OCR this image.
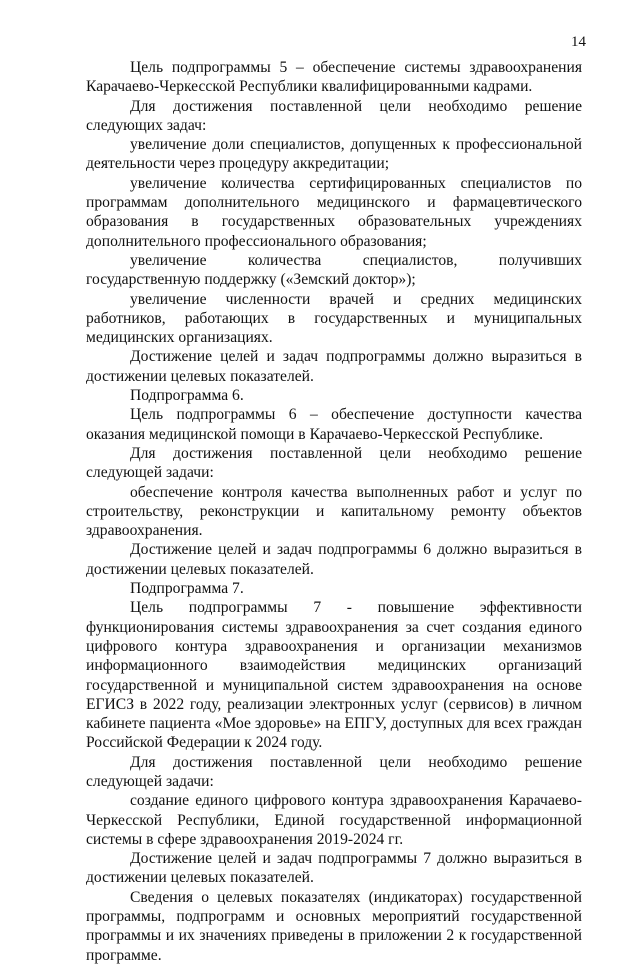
14

Цель подпрограммы 5 – обеспечение системы здравоохранения Карачаево-Черкесской Республики квалифицированными кадрами.

Для достижения поставленной цели необходимо решение следующих задач:

увеличение доли специалистов, допущенных к профессиональной деятельности через процедуру аккредитации;

увеличение количества сертифицированных специалистов по программам дополнительного медицинского и фармацевтического образования в государственных образовательных учреждениях дополнительного профессионального образования;

увеличение количества специалистов, получивших государственную поддержку («Земский доктор»);

увеличение численности врачей и средних медицинских работников, работающих в государственных и муниципальных медицинских организациях.

Достижение целей и задач подпрограммы должно выразиться в достижении целевых показателей.

Подпрограмма 6.

Цель подпрограммы 6 – обеспечение доступности качества оказания медицинской помощи в Карачаево-Черкесской Республике.

Для достижения поставленной цели необходимо решение следующей задачи:

обеспечение контроля качества выполненных работ и услуг по строительству, реконструкции и капитальному ремонту объектов здравоохранения.

Достижение целей и задач подпрограммы 6 должно выразиться в достижении целевых показателей.

Подпрограмма 7.

Цель подпрограммы 7 - повышение эффективности функционирования системы здравоохранения за счет создания единого цифрового контура здравоохранения и организации механизмов информационного взаимодействия медицинских организаций государственной и муниципальной систем здравоохранения на основе ЕГИСЗ в 2022 году, реализации электронных услуг (сервисов) в личном кабинете пациента «Мое здоровье» на ЕПГУ, доступных для всех граждан Российской Федерации к 2024 году.

Для достижения поставленной цели необходимо решение следующей задачи:

создание единого цифрового контура здравоохранения Карачаево-Черкесской Республики, Единой государственной информационной системы в сфере здравоохранения 2019-2024 гг.

Достижение целей и задач подпрограммы 7 должно выразиться в достижении целевых показателей.

Сведения о целевых показателях (индикаторах) государственной программы, подпрограмм и основных мероприятий государственной программы и их значениях приведены в приложении 2 к государственной программе.
